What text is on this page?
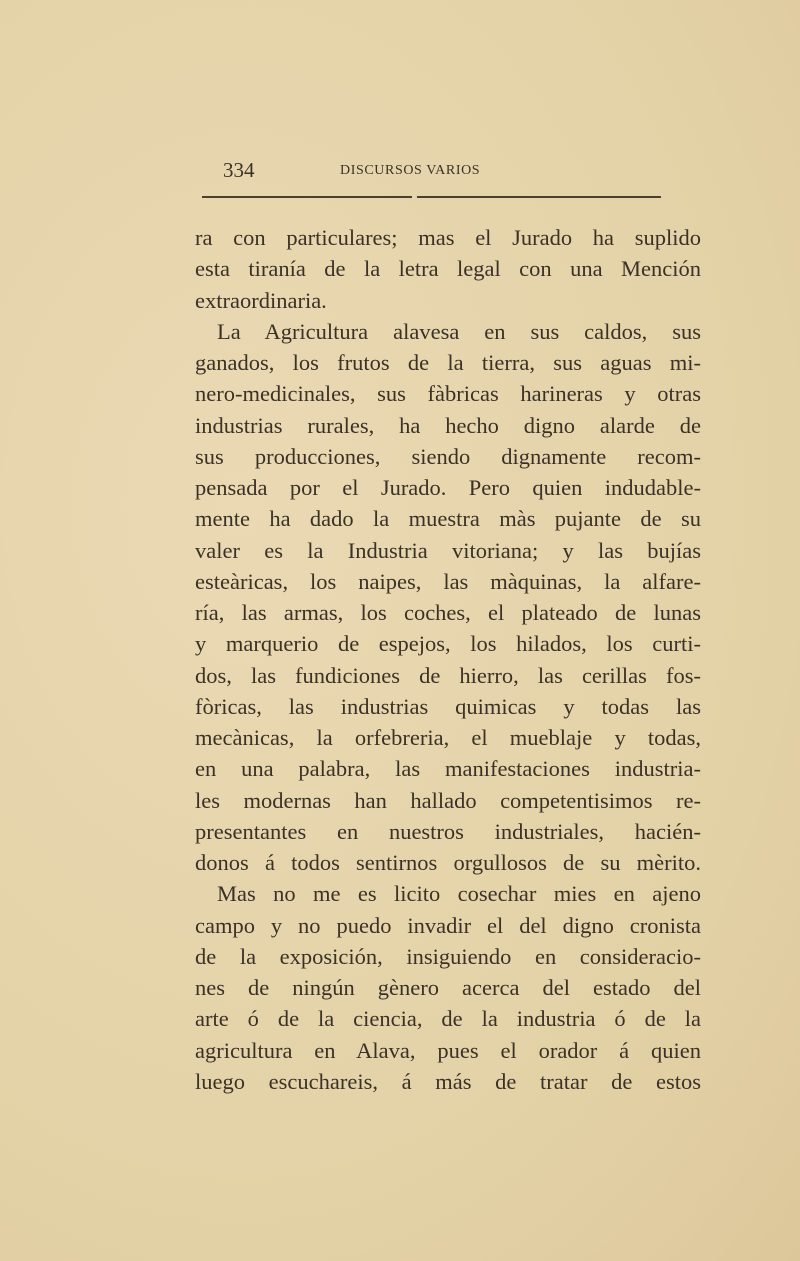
334	DISCURSOS VARIOS
ra con particulares; mas el Jurado ha suplido
esta tiranía de la letra legal con una Mención
extraordinaria.
La Agricultura alavesa en sus caldos, sus
ganados, los frutos de la tierra, sus aguas mi-
nero-medicinales, sus fàbricas harineras y otras
industrias rurales, ha hecho digno alarde de
sus producciones, siendo dignamente recom-
pensada por el Jurado. Pero quien indudable-
mente ha dado la muestra màs pujante de su
valer es la Industria vitoriana; y las bujías
esteàricas, los naipes, las màquinas, la alfare-
ría, las armas, los coches, el plateado de lunas
y marquerio de espejos, los hilados, los curti-
dos, las fundiciones de hierro, las cerillas fos-
fòricas, las industrias quimicas y todas las
mecànicas, la orfebreria, el mueblaje y todas,
en una palabra, las manifestaciones industria-
les modernas han hallado competentisimos re-
presentantes en nuestros industriales, hacién-
donos á todos sentirnos orgullosos de su mèrito.
Mas no me es licito cosechar mies en ajeno
campo y no puedo invadir el del digno cronista
de la exposición, insiguiendo en consideracio-
nes de ningún gènero acerca del estado del
arte ó de la ciencia, de la industria ó de la
agricultura en Alava, pues el orador á quien
luego escuchareis, á más de tratar de estos
